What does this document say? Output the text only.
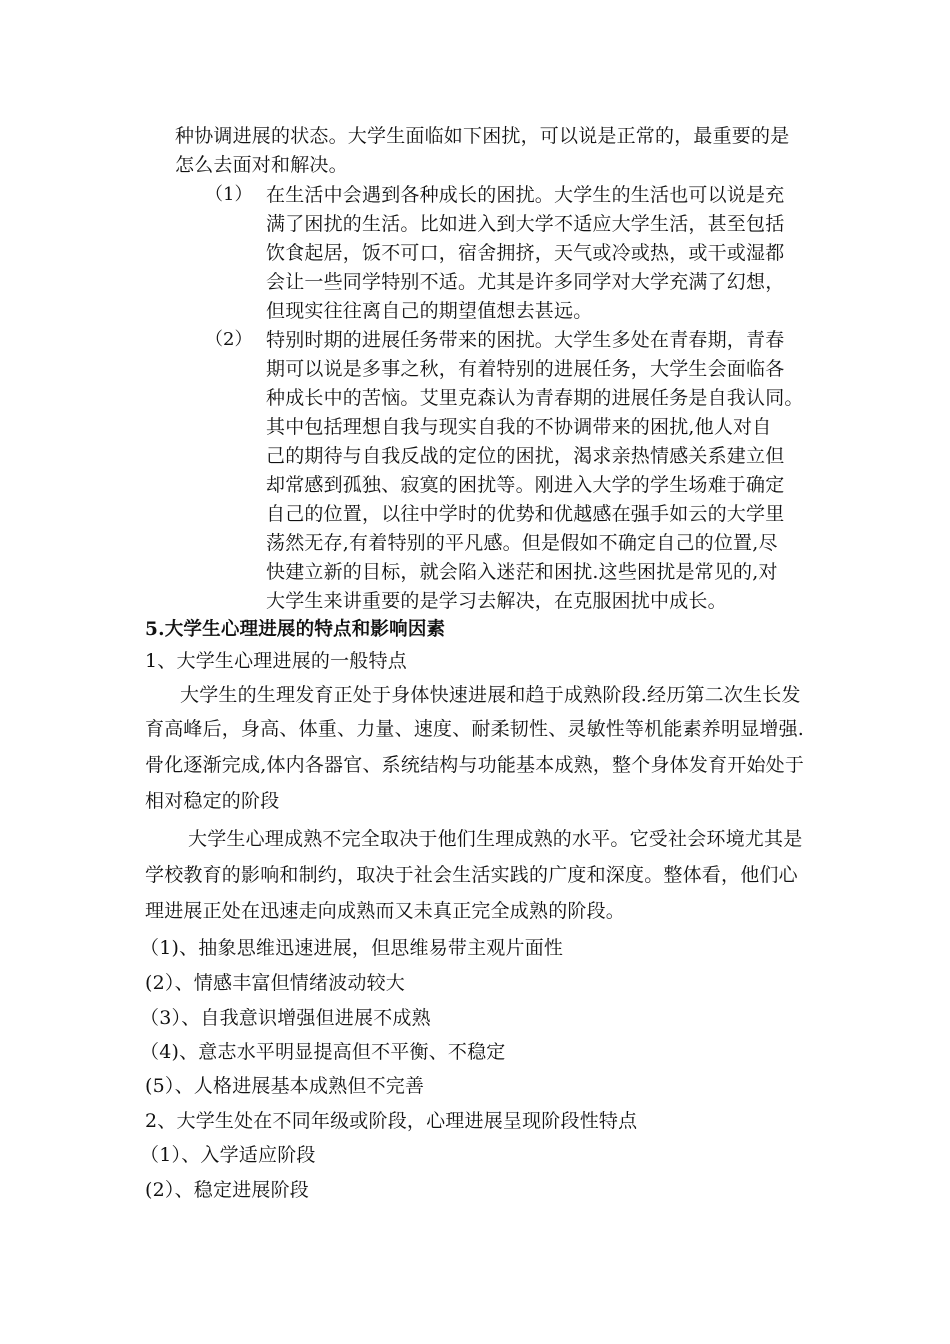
种协调进展的状态。大学生面临如下困扰，可以说是正常的，最重要的是
怎么去面对和解决。
（1） 在生活中会遇到各种成长的困扰。大学生的生活也可以说是充
满了困扰的生活。比如进入到大学不适应大学生活，甚至包括
饮食起居，饭不可口，宿舍拥挤，天气或冷或热，或干或湿都
会让一些同学特别不适。尤其是许多同学对大学充满了幻想，
但现实往往离自己的期望值想去甚远。
（2） 特别时期的进展任务带来的困扰。大学生多处在青春期，青春
期可以说是多事之秋，有着特别的进展任务，大学生会面临各
种成长中的苦恼。艾里克森认为青春期的进展任务是自我认同。
其中包括理想自我与现实自我的不协调带来的困扰,他人对自
己的期待与自我反战的定位的困扰，渴求亲热情感关系建立但
却常感到孤独、寂寞的困扰等。刚进入大学的学生场难于确定
自己的位置，以往中学时的优势和优越感在强手如云的大学里
荡然无存,有着特别的平凡感。但是假如不确定自己的位置,尽
快建立新的目标，就会陷入迷茫和困扰.这些困扰是常见的,对
大学生来讲重要的是学习去解决，在克服困扰中成长。
5.大学生心理进展的特点和影响因素
1、大学生心理进展的一般特点
大学生的生理发育正处于身体快速进展和趋于成熟阶段.经历第二次生长发
育高峰后，身高、体重、力量、速度、耐柔韧性、灵敏性等机能素养明显增强.
骨化逐渐完成,体内各器官、系统结构与功能基本成熟，整个身体发育开始处于
相对稳定的阶段
大学生心理成熟不完全取决于他们生理成熟的水平。它受社会环境尤其是
学校教育的影响和制约，取决于社会生活实践的广度和深度。整体看，他们心
理进展正处在迅速走向成熟而又未真正完全成熟的阶段。
（1)、抽象思维迅速进展，但思维易带主观片面性
(2）、情感丰富但情绪波动较大
（3）、自我意识增强但进展不成熟
（4)、意志水平明显提高但不平衡、不稳定
(5）、人格进展基本成熟但不完善
2、大学生处在不同年级或阶段，心理进展呈现阶段性特点
（1）、入学适应阶段
(2）、稳定进展阶段
